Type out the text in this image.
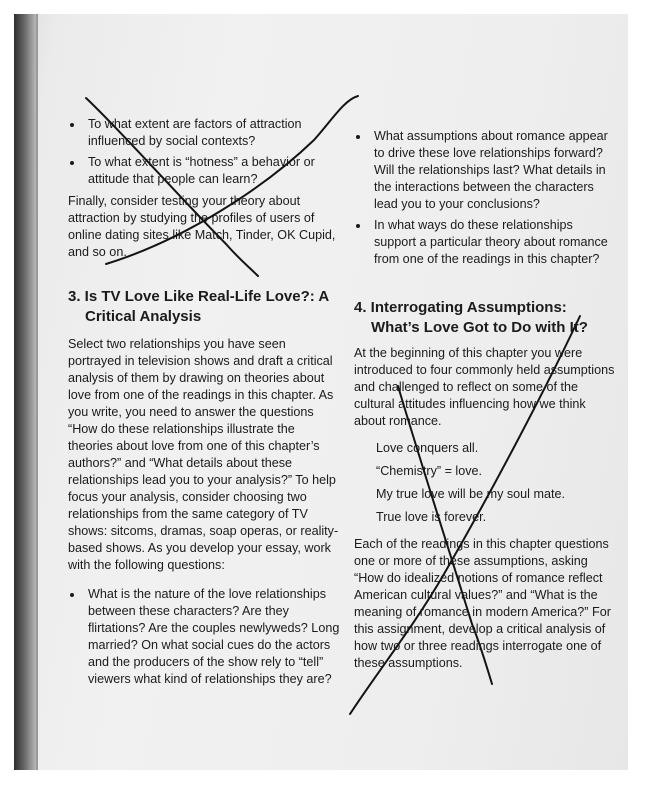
To what extent are factors of attraction influenced by social contexts?
To what extent is “hotness” a behavior or attitude that people can learn?

Finally, consider testing your theory about attraction by studying the profiles of users of online dating sites like Match, Tinder, OK Cupid, and so on.

3. Is TV Love Like Real-Life Love?: A Critical Analysis

Select two relationships you have seen portrayed in television shows and draft a critical analysis of them by drawing on theories about love from one of the readings in this chapter. As you write, you need to answer the questions “How do these relationships illustrate the theories about love from one of this chapter’s authors?” and “What details about these relationships lead you to your analysis?” To help focus your analysis, consider choosing two relationships from the same category of TV shows: sitcoms, dramas, soap operas, or reality-based shows. As you develop your essay, work with the following questions:

What is the nature of the love relationships between these characters? Are they flirtations? Are the couples newlyweds? Long married? On what social cues do the actors and the producers of the show rely to “tell” viewers what kind of relationships they are?
What assumptions about romance appear to drive these love relationships forward? Will the relationships last? What details in the interactions between the characters lead you to your conclusions?
In what ways do these relationships support a particular theory about romance from one of the readings in this chapter?
4. Interrogating Assumptions: What’s Love Got to Do with It?

At the beginning of this chapter you were introduced to four commonly held assumptions and challenged to reflect on some of the cultural attitudes influencing how we think about romance.

Love conquers all.
“Chemistry” = love.
My true love will be my soul mate.
True love is forever.

Each of the readings in this chapter questions one or more of these assumptions, asking “How do idealized notions of romance reflect American cultural values?” and “What is the meaning of romance in modern America?” For this assignment, develop a critical analysis of how two or three readings interrogate one of these assumptions.
